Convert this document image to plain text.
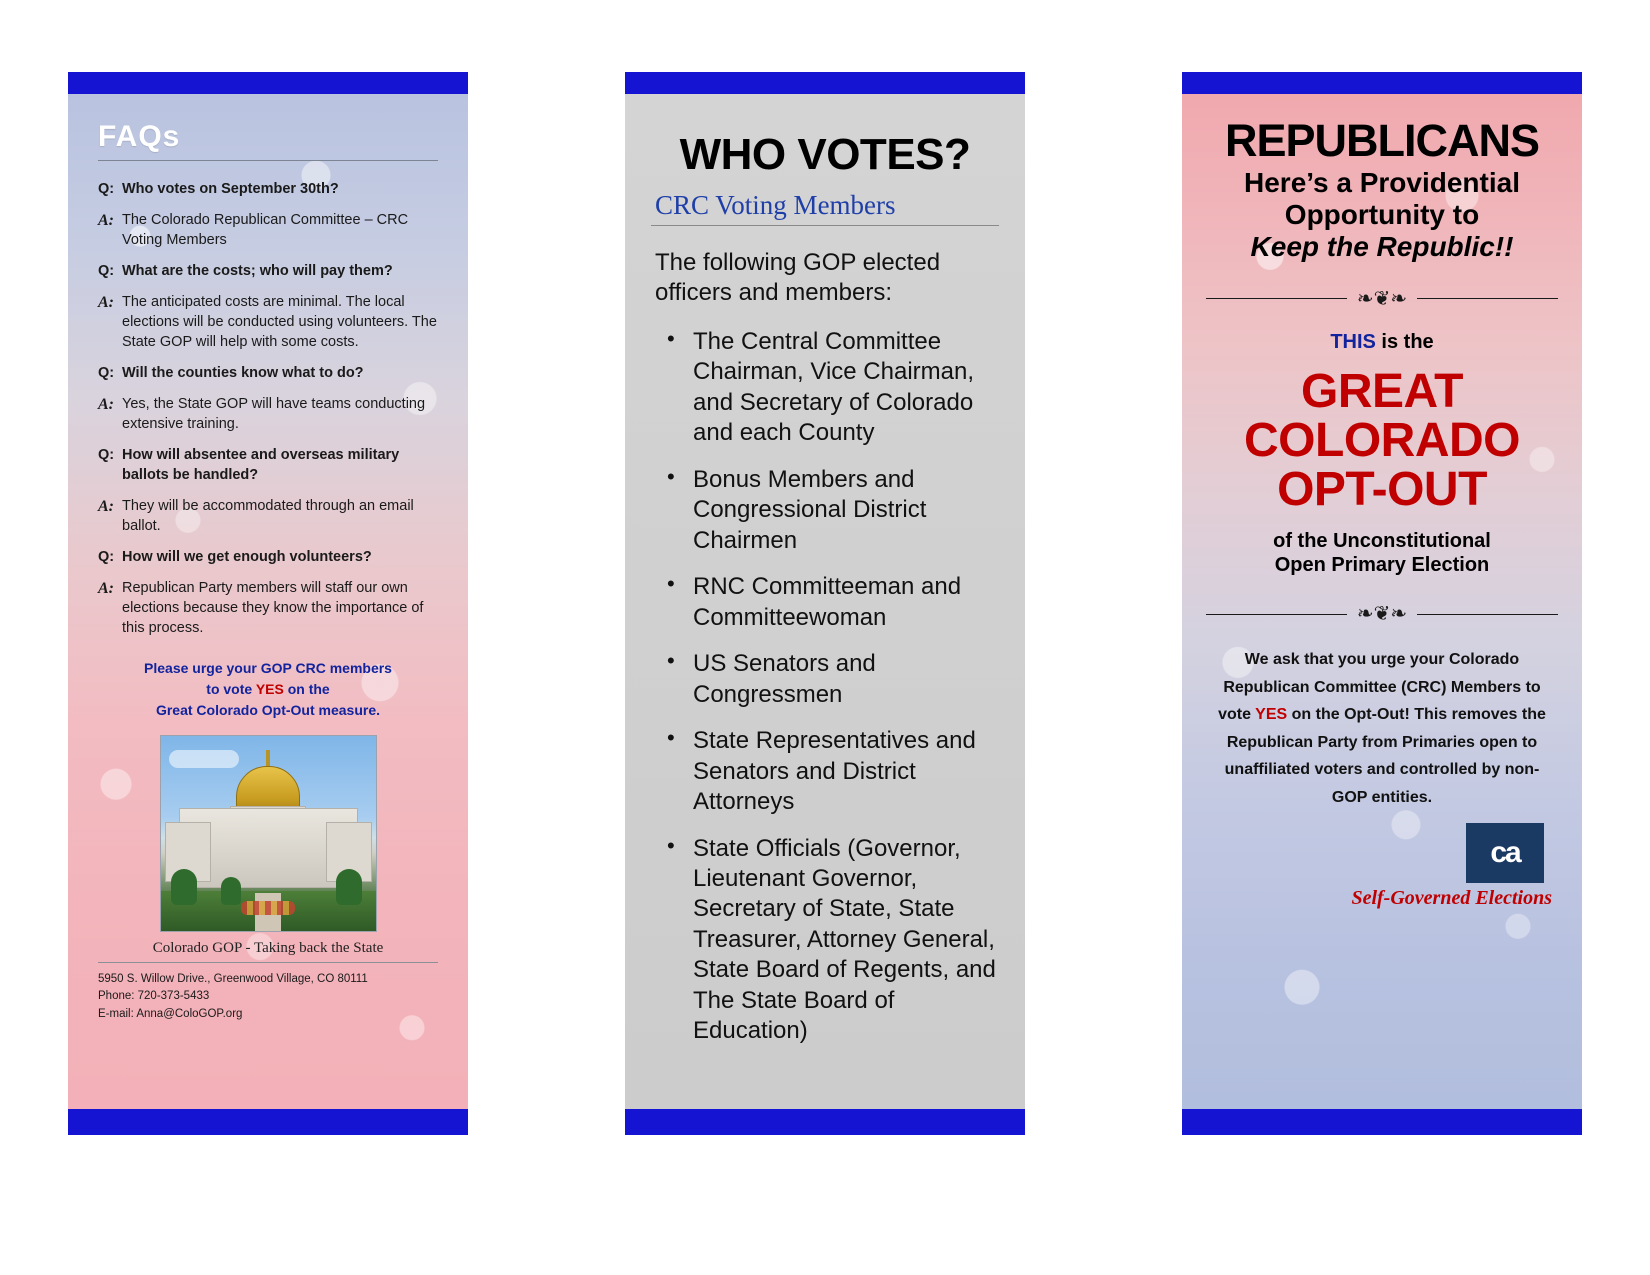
FAQs
Q: Who votes on September 30th?
A: The Colorado Republican Committee – CRC Voting Members
Q: What are the costs; who will pay them?
A: The anticipated costs are minimal. The local elections will be conducted using volunteers. The State GOP will help with some costs.
Q: Will the counties know what to do?
A: Yes, the State GOP will have teams conducting extensive training.
Q: How will absentee and overseas military ballots be handled?
A: They will be accommodated through an email ballot.
Q: How will we get enough volunteers?
A: Republican Party members will staff our own elections because they know the importance of this process.
Please urge your GOP CRC members
to vote YES on the
Great Colorado Opt-Out measure.
Colorado GOP - Taking back the State
5950 S. Willow Drive., Greenwood Village, CO 80111
Phone: 720-373-5433
E-mail: Anna@ColoGOP.org
WHO VOTES?
CRC Voting Members
The following GOP elected officers and members:
• The Central Committee Chairman, Vice Chairman, and Secretary of Colorado and each County
• Bonus Members and Congressional District Chairmen
• RNC Committeeman and Committeewoman
• US Senators and Congressmen
• State Representatives and Senators and District Attorneys
• State Officials (Governor, Lieutenant Governor, Secretary of State, State Treasurer, Attorney General, State Board of Regents, and The State Board of Education)
REPUBLICANS
Here’s a Providential
Opportunity to
Keep the Republic!!
❧❦❧
THIS is the
GREAT
COLORADO
OPT-OUT
of the Unconstitutional
Open Primary Election
❧❦❧
We ask that you urge your Colorado Republican Committee (CRC) Members to vote YES on the Opt-Out! This removes the Republican Party from Primaries open to unaffiliated voters and controlled by non-GOP entities.
ca
Self-Governed Elections
